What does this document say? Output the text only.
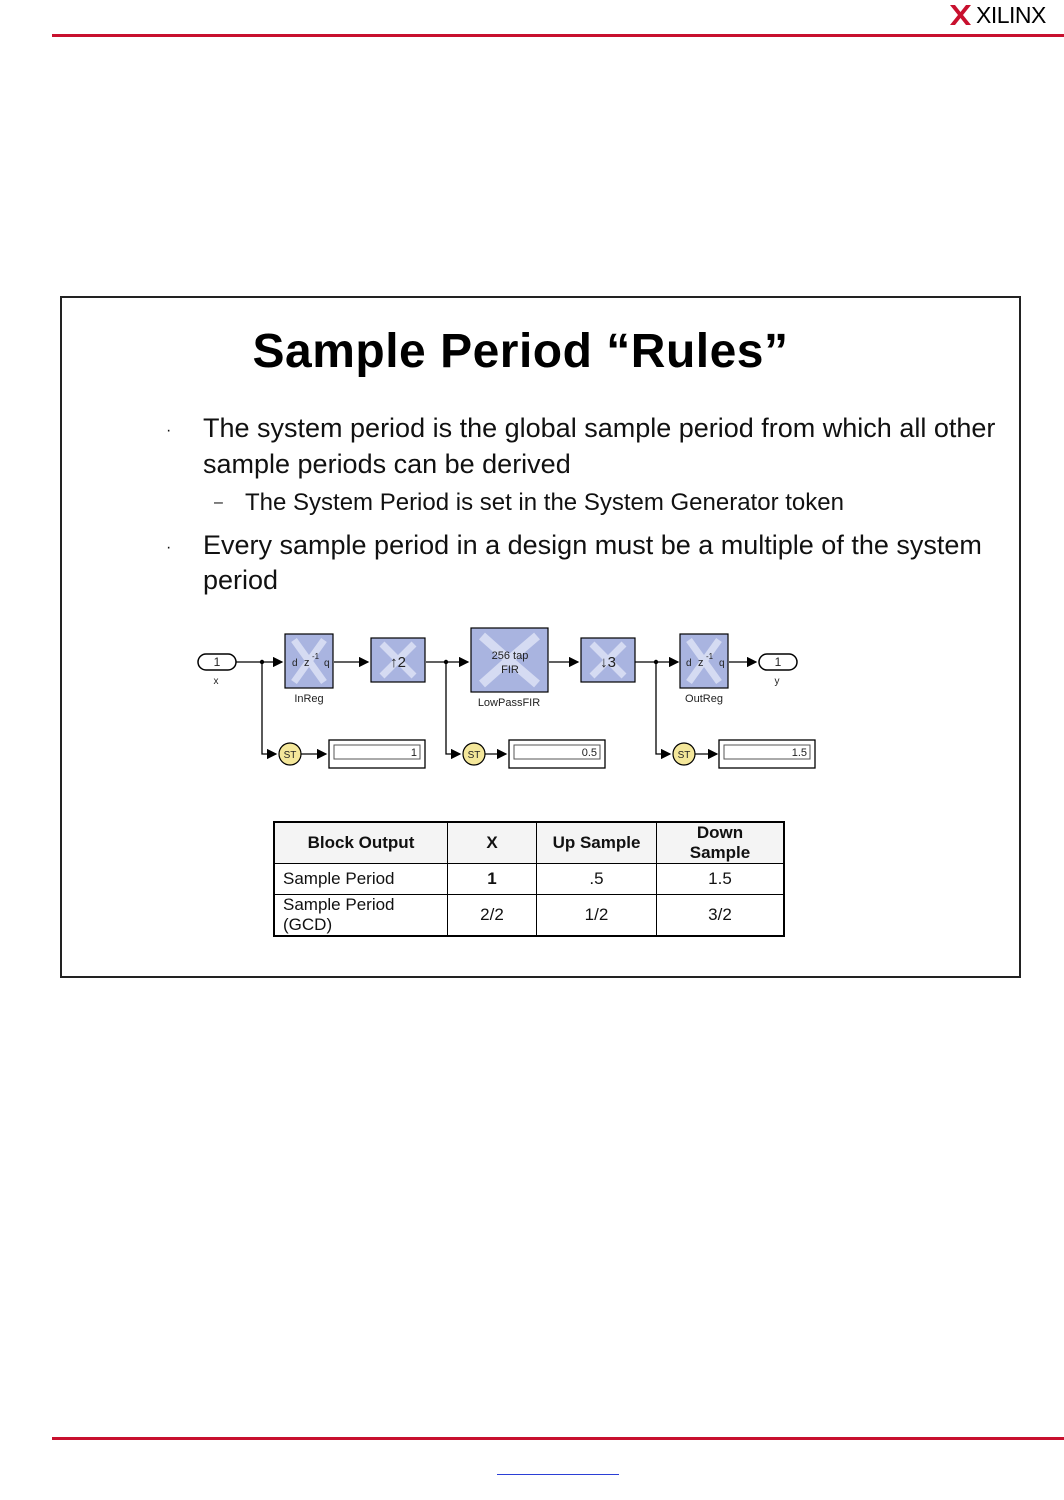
XILINX
Sample Period “Rules”
· The system period is the global sample period from which all other
sample periods can be derived
– The System Period is set in the System Generator token
· Every sample period in a design must be a multiple of the system
period
1
x
d z
-1
q
InReg
↑2	256 tap
FIR
LowPassFIR
↓3	d z
-1
q
OutReg
1
y
ST	ST	ST
1	0.5	1.5
Block Output	X	Up Sample	Down Sample
Sample Period	1	.5	1.5
Sample Period (GCD)	2/2	1/2	3/2
